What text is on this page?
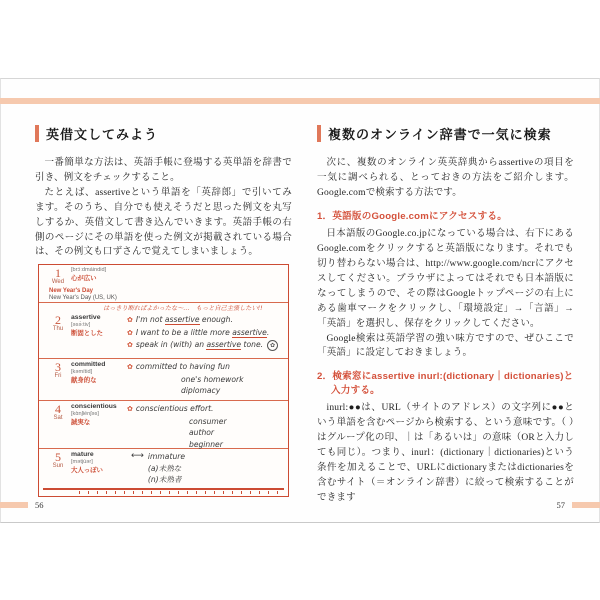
英借文してみよう

一番簡単な方法は、英語手帳に登場する英単語を辞書で引き、例文をチェックすること。

たとえば、assertiveという単語を「英辞郎」で引いてみます。そのうち、自分でも使えそうだと思った例文を丸写しするか、英借文して書き込んでいきます。英語手帳の右側のページにその単語を使った例文が掲載されている場合は、その例文も口ずさんで覚えてしまいましょう。

1
Wed
[brɔ́ːdmáindid]
心が広い
New Year's Day
New Year's Day (US, UK)
はっきり断ればよかったな〜…　もっと自己主張したい!!
2
Thu
assertive
[əsə́ːtiv]
断固とした
✿ I'm not assertive enough.
✿ I want to be a little more assertive.
✿ speak in (with) an assertive tone. ✿
3
Fri
committed
[kəmítid]
献身的な
✿ committed to having fun
one's homework
diplomacy
4
Sat
conscientious
[kɑ̀nʃiénʃəs]
誠実な
✿ conscientious effort.
consumer
author
beginner
5
Sun
mature
[mətjúər]
大人っぽい
⟷ immature
(a)未熟な
(n)未熟者
複数のオンライン辞書で一気に検索

次に、複数のオンライン英英辞典からassertiveの項目を一気に調べられる、とっておきの方法をご紹介します。Google.comで検索する方法です。

1．英語版のGoogle.comにアクセスする。

日本語版のGoogle.co.jpになっている場合は、右下にあるGoogle.comをクリックすると英語版になります。それでも切り替わらない場合は、http://www.google.com/ncrにアクセスしてください。ブラウザによってはそれでも日本語版になってしまうので、その際はGoogleトップページの右上にある歯車マークをクリックし、「環境設定」→「言語」→「英語」を選択し、保存をクリックしてください。

Google検索は英語学習の強い味方ですので、ぜひここで「英語」に設定しておきましょう。

2．検索窓にassertive inurl:(dictionary｜dictionaries)と入力する。

inurl:●●は、URL（サイトのアドレス）の文字列に●●という単語を含むページから検索する、という意味です。（ ）はグループ化の印、｜は「あるいは」の意味（ORと入力しても同じ）。つまり、inurl：(dictionary｜dictionaries)という条件を加えることで、URLにdictionaryまたはdictionariesを含むサイト（＝オンライン辞書）に絞って検索することができます

56	57
